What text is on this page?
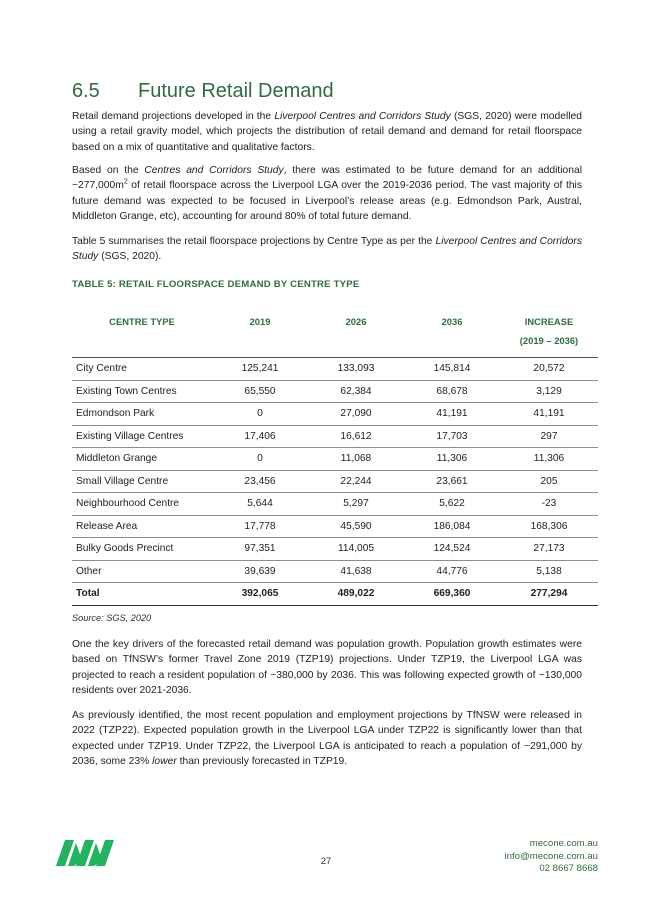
6.5 Future Retail Demand

Retail demand projections developed in the Liverpool Centres and Corridors Study (SGS, 2020) were modelled using a retail gravity model, which projects the distribution of retail demand and demand for retail floorspace based on a mix of quantitative and qualitative factors.

Based on the Centres and Corridors Study, there was estimated to be future demand for an additional $\sim 277,000m^2$ of retail floorspace across the Liverpool LGA over the 2019-2036 period. The vast majority of this future demand was expected to be focused in Liverpool’s release areas (e.g. Edmondson Park, Austral, Middleton Grange, etc), accounting for around 80% of total future demand.

Table 5 summarises the retail floorspace projections by Centre Type as per the Liverpool Centres and Corridors Study (SGS, 2020).

TABLE 5: RETAIL FLOORSPACE DEMAND BY CENTRE TYPE

CENTRE TYPE	2019	2026	2036	INCREASE
(2019 – 2036)

City Centre	125,241	133,093	145,814	20,572
Existing Town Centres	65,550	62,384	68,678	3,129
Edmondson Park	0	27,090	41,191	41,191
Existing Village Centres	17,406	16,612	17,703	297
Middleton Grange	0	11,068	11,306	11,306
Small Village Centre	23,456	22,244	23,661	205
Neighbourhood Centre	5,644	5,297	5,622	-23
Release Area	17,778	45,590	186,084	168,306
Bulky Goods Precinct	97,351	114,005	124,524	27,173
Other	39,639	41,638	44,776	5,138
Total	392,065	489,022	669,360	277,294

Source: SGS, 2020

One the key drivers of the forecasted retail demand was population growth. Population growth estimates were based on TfNSW’s former Travel Zone 2019 (TZP19) projections. Under TZP19, the Liverpool LGA was projected to reach a resident population of ~380,000 by 2036. This was following expected growth of ~130,000 residents over 2021-2036.

As previously identified, the most recent population and employment projections by TfNSW were released in 2022 (TZP22). Expected population growth in the Liverpool LGA under TZP22 is significantly lower than that expected under TZP19. Under TZP22, the Liverpool LGA is anticipated to reach a population of ~291,000 by 2036, some 23% lower than previously forecasted in TZP19.

27
mecone.com.au
info@mecone.com.au
02 8667 8668
